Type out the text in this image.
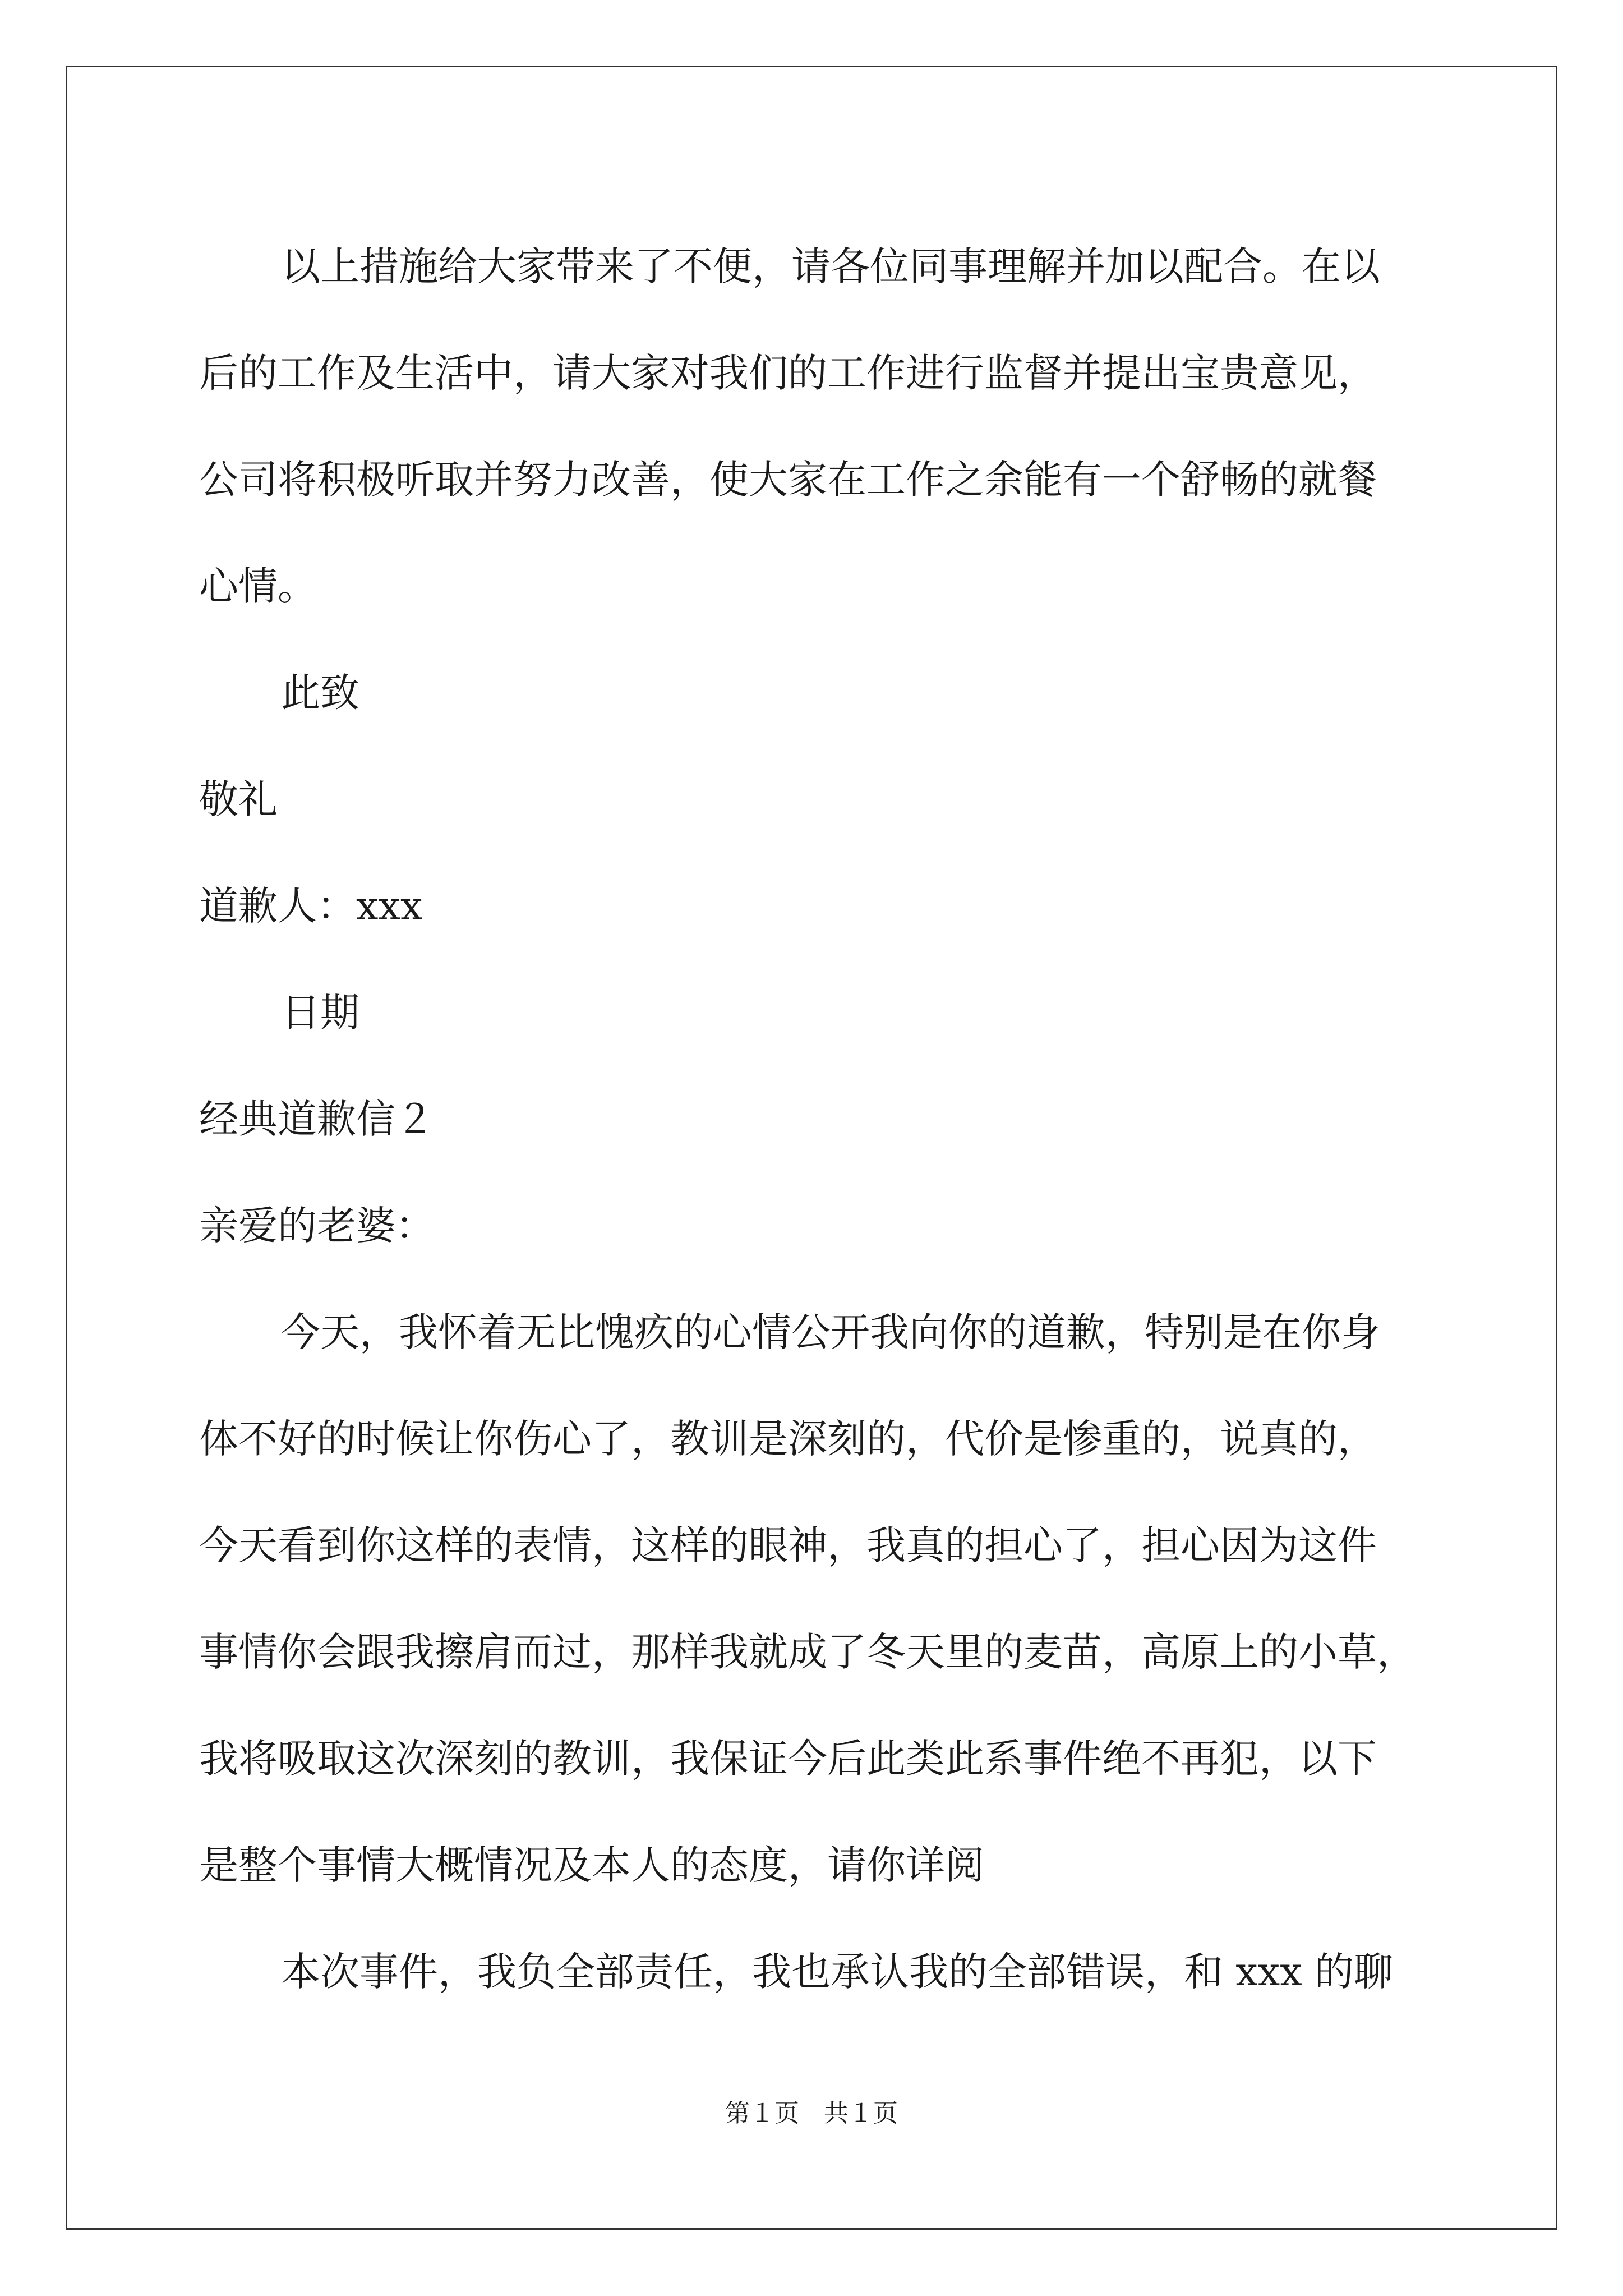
以上措施给大家带来了不便，请各位同事理解并加以配合。在以
后的工作及生活中，请大家对我们的工作进行监督并提出宝贵意见，
公司将积极听取并努力改善，使大家在工作之余能有一个舒畅的就餐
心情。
此致
敬礼
道歉人：xxx
日期
经典道歉信２
亲爱的老婆：
今天，我怀着无比愧疚的心情公开我向你的道歉，特别是在你身
体不好的时候让你伤心了，教训是深刻的，代价是惨重的，说真的，
今天看到你这样的表情，这样的眼神，我真的担心了，担心因为这件
事情你会跟我擦肩而过，那样我就成了冬天里的麦苗，高原上的小草，
我将吸取这次深刻的教训，我保证今后此类此系事件绝不再犯，以下
是整个事情大概情况及本人的态度，请你详阅
本次事件，我负全部责任，我也承认我的全部错误，和 xxx 的聊
第１页　共１页
